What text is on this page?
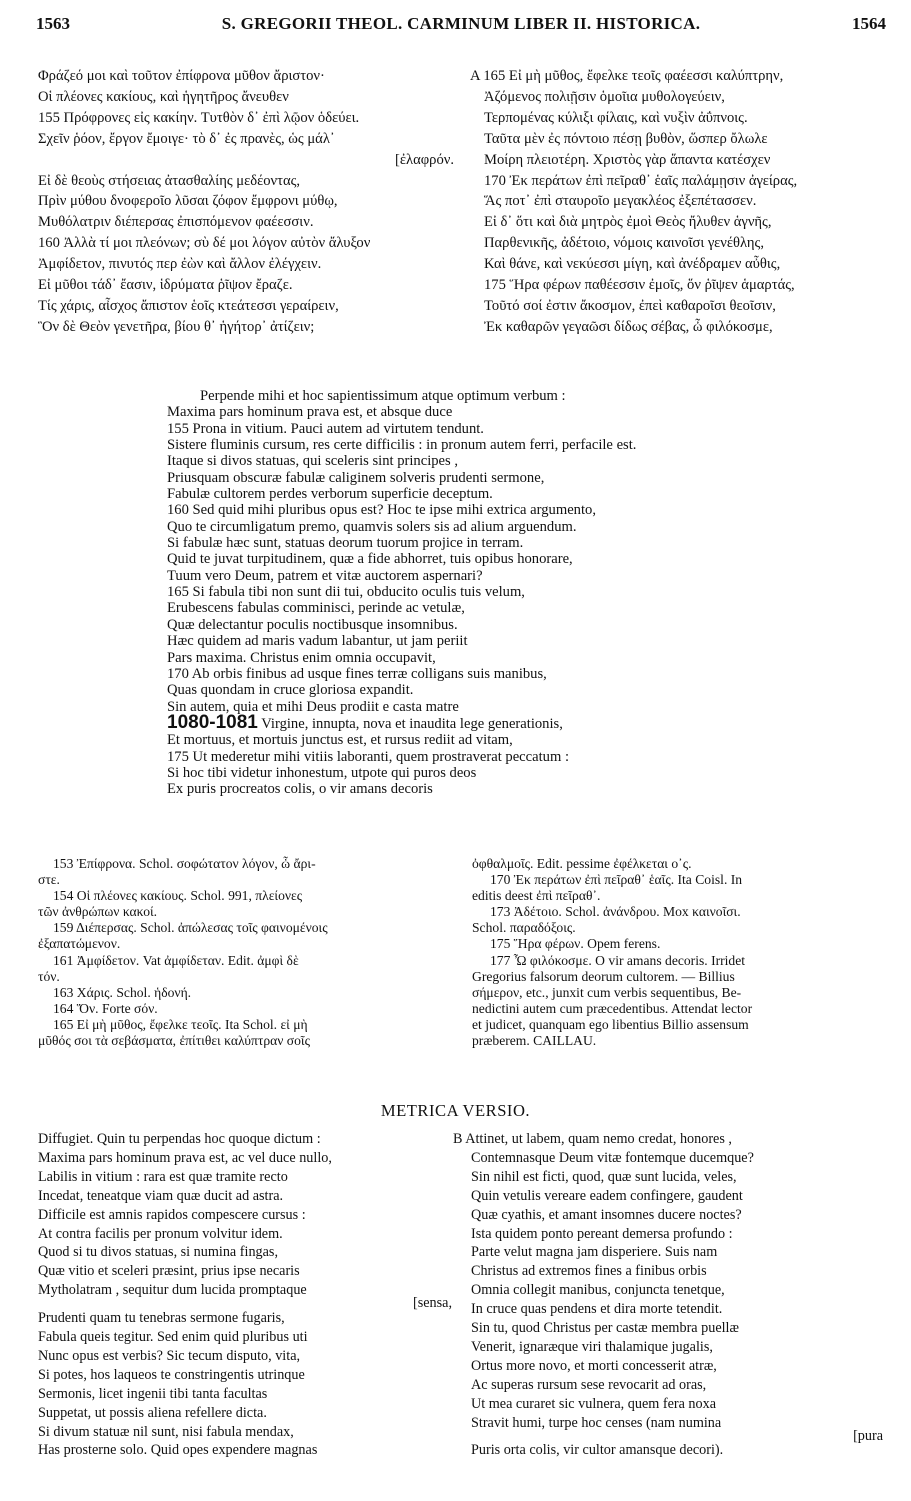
1563	S. GREGORII THEOL. CARMINUM LIBER II. HISTORICA.	1564
Φράζεό μοι καὶ τοῦτον ἐπίφρονα μῦθον ἄριστον·
Οἱ πλέονες κακίους, καὶ ἡγητῆρος ἄνευθεν
155 Πρόφρονες εἰς κακίην. Τυτθὸν δ᾽ ἐπὶ λῷον ὁδεύει.
Σχεῖν ῥόον, ἔργον ἔμοιγε· τὸ δ᾽ ἐς πρανὲς, ὡς μάλ᾽
[ἐλαφρόν.
Εἰ δὲ θεοὺς στήσειας ἀτασθαλίης μεδέοντας,
Πρὶν μύθου δνοφεροῖο λῦσαι ζόφον ἔμφρονι μύθῳ,
Μυθόλατριν διέπερσας ἐπισπόμενον φαέεσσιν.
160 Ἀλλὰ τί μοι πλεόνων; σὺ δέ μοι λόγον αὐτὸν ἄλυξον
Ἀμφίδετον, πινυτός περ ἐὼν καὶ ἄλλον ἐλέγχειν.
Εἰ μῦθοι τάδ᾽ ἔασιν, ἱδρύματα ῥῖψον ἔραζε.
Τίς χάρις, αἶσχος ἄπιστον ἑοῖς κτεάτεσσι γεραίρειν,
Ὃν δὲ Θεὸν γενετῆρα, βίου θ᾽ ἡγήτορ᾽ ἀτίζειν;
A 165 Εἰ μὴ μῦθος, ἔφελκε τεοῖς φαέεσσι καλύπτρην,
Ἀζόμενος πολιῇσιν ὁμοῖια μυθολογεύειν,
Τερπομένας κύλιξι φίλαις, καὶ νυξὶν ἀΰπνοις.
Ταῦτα μὲν ἐς πόντοιο πέσῃ βυθὸν, ὥσπερ ὄλωλε
Μοίρη πλειοτέρη. Χριστὸς γὰρ ἅπαντα κατέσχεν
170 Ἐκ περάτων ἐπὶ πεῖραθ᾽ ἑαῖς παλάμῃσιν ἀγείρας,
Ἅς ποτ᾽ ἐπὶ σταυροῖο μεγακλέος ἐξεπέτασσεν.
Εἰ δ᾽ ὅτι καὶ διὰ μητρὸς ἐμοὶ Θεὸς ἤλυθεν ἁγνῆς,
Παρθενικῆς, ἀδέτοιο, νόμοις καινοῖσι γενέθλης,
Καὶ θάνε, καὶ νεκύεσσι μίγη, καὶ ἀνέδραμεν αὖθις,
175 Ἥρα φέρων παθέεσσιν ἐμοῖς, ὅν ῥῖψεν ἁμαρτάς,
Τοῦτό σοί ἐστιν ἄκοσμον, ἐπεὶ καθαροῖσι θεοῖσιν,
Ἐκ καθαρῶν γεγαῶσι δίδως σέβας, ὦ φιλόκοσμε,
Perpende mihi et hoc sapientissimum atque optimum verbum :
Maxima pars hominum prava est, et absque duce
155 Prona in vitium. Pauci autem ad virtutem tendunt.
Sistere fluminis cursum, res certe difficilis : in pronum autem ferri, perfacile est.
Itaque si divos statuas, qui sceleris sint principes ,
Priusquam obscuræ fabulæ caliginem solveris prudenti sermone,
Fabulæ cultorem perdes verborum superficie deceptum.
160 Sed quid mihi pluribus opus est? Hoc te ipse mihi extrica argumento,
Quo te circumligatum premo, quamvis solers sis ad alium arguendum.
Si fabulæ hæc sunt, statuas deorum tuorum projice in terram.
Quid te juvat turpitudinem, quæ a fide abhorret, tuis opibus honorare,
Tuum vero Deum, patrem et vitæ auctorem aspernari?
165 Si fabula tibi non sunt dii tui, obducito oculis tuis velum,
Erubescens fabulas comminisci, perinde ac vetulæ,
Quæ delectantur poculis noctibusque insomnibus.
Hæc quidem ad maris vadum labantur, ut jam periit
Pars maxima. Christus enim omnia occupavit,
170 Ab orbis finibus ad usque fines terræ colligans suis manibus,
Quas quondam in cruce gloriosa expandit.
Sin autem, quia et mihi Deus prodiit e casta matre
1080-1081 Virgine, innupta, nova et inaudita lege generationis,
Et mortuus, et mortuis junctus est, et rursus rediit ad vitam,
175 Ut mederetur mihi vitiis laboranti, quem prostraverat peccatum :
Si hoc tibi videtur inhonestum, utpote qui puros deos
Ex puris procreatos colis, o vir amans decoris
153 Ἐπίφρονα. Schol. σοφώτατον λόγον, ὦ ἄρι-
στε.
154 Οἱ πλέονες κακίους. Schol. 991, πλείονες
τῶν ἀνθρώπων κακοί.
159 Διέπερσας. Schol. ἀπώλεσας τοῖς φαινομένοις
ἐξαπατώμενον.
161 Ἀμφίδετον. Vat ἀμφίδεταν. Edit. ἀμφὶ δὲ
τόν.
163 Χάρις. Schol. ἡδονή.
164 Ὅν. Forte σόν.
165 Εἰ μὴ μῦθος, ἔφελκε τεοῖς. Ita Schol. εἰ μὴ
μῦθός σοι τὰ σεβάσματα, ἐπίτιθει καλύπτραν σοῖς
ὀφθαλμοῖς. Edit. pessime ἐφέλκεται ο᾽ς.
170 Ἐκ περάτων ἐπὶ πεῖραθ᾽ ἑαῖς. Ita Coisl. In
editis deest ἐπὶ πεῖραθ᾽.
173 Ἀδέτοιο. Schol. ἀνάνδρου. Mox καινοῖσι.
Schol. παραδόξοις.
175 Ἥρα φέρων. Opem ferens.
177 Ὦ φιλόκοσμε. O vir amans decoris. Irridet
Gregorius falsorum deorum cultorem. — Billius
σήμερον, etc., junxit cum verbis sequentibus, Be-
nedictini autem cum præcedentibus. Attendat lector
et judicet, quanquam ego libentius Billio assensum
præberem. CAILLAU.
METRICA VERSIO.
Diffugiet. Quin tu perpendas hoc quoque dictum :
Maxima pars hominum prava est, ac vel duce nullo,
Labilis in vitium : rara est quæ tramite recto
Incedat, teneatque viam quæ ducit ad astra.
Difficile est amnis rapidos compescere cursus :
At contra facilis per pronum volvitur idem.
Quod si tu divos statuas, si numina fingas,
Quæ vitio et sceleri præsint, prius ipse necaris
Mytholatram , sequitur dum lucida promptaque
[sensa,
Prudenti quam tu tenebras sermone fugaris,
Fabula queis tegitur. Sed enim quid pluribus uti
Nunc opus est verbis? Sic tecum disputo, vita,
Si potes, hos laqueos te constringentis utrinque
Sermonis, licet ingenii tibi tanta facultas
Suppetat, ut possis aliena refellere dicta.
Si divum statuæ nil sunt, nisi fabula mendax,
Has prosterne solo. Quid opes expendere magnas
B Attinet, ut labem, quam nemo credat, honores ,
Contemnasque Deum vitæ fontemque ducemque?
Sin nihil est ficti, quod, quæ sunt lucida, veles,
Quin vetulis vereare eadem confingere, gaudent
Quæ cyathis, et amant insomnes ducere noctes?
Ista quidem ponto pereant demersa profundo :
Parte velut magna jam disperiere. Suis nam
Christus ad extremos fines a finibus orbis
Omnia collegit manibus, conjuncta tenetque,
In cruce quas pendens et dira morte tetendit.
Sin tu, quod Christus per castæ membra puellæ
Venerit, ignaræque viri thalamique jugalis,
Ortus more novo, et morti concesserit atræ,
Ac superas rursum sese revocarit ad oras,
Ut mea curaret sic vulnera, quem fera noxa
Stravit humi, turpe hoc censes (nam numina
[pura
Puris orta colis, vir cultor amansque decori).
